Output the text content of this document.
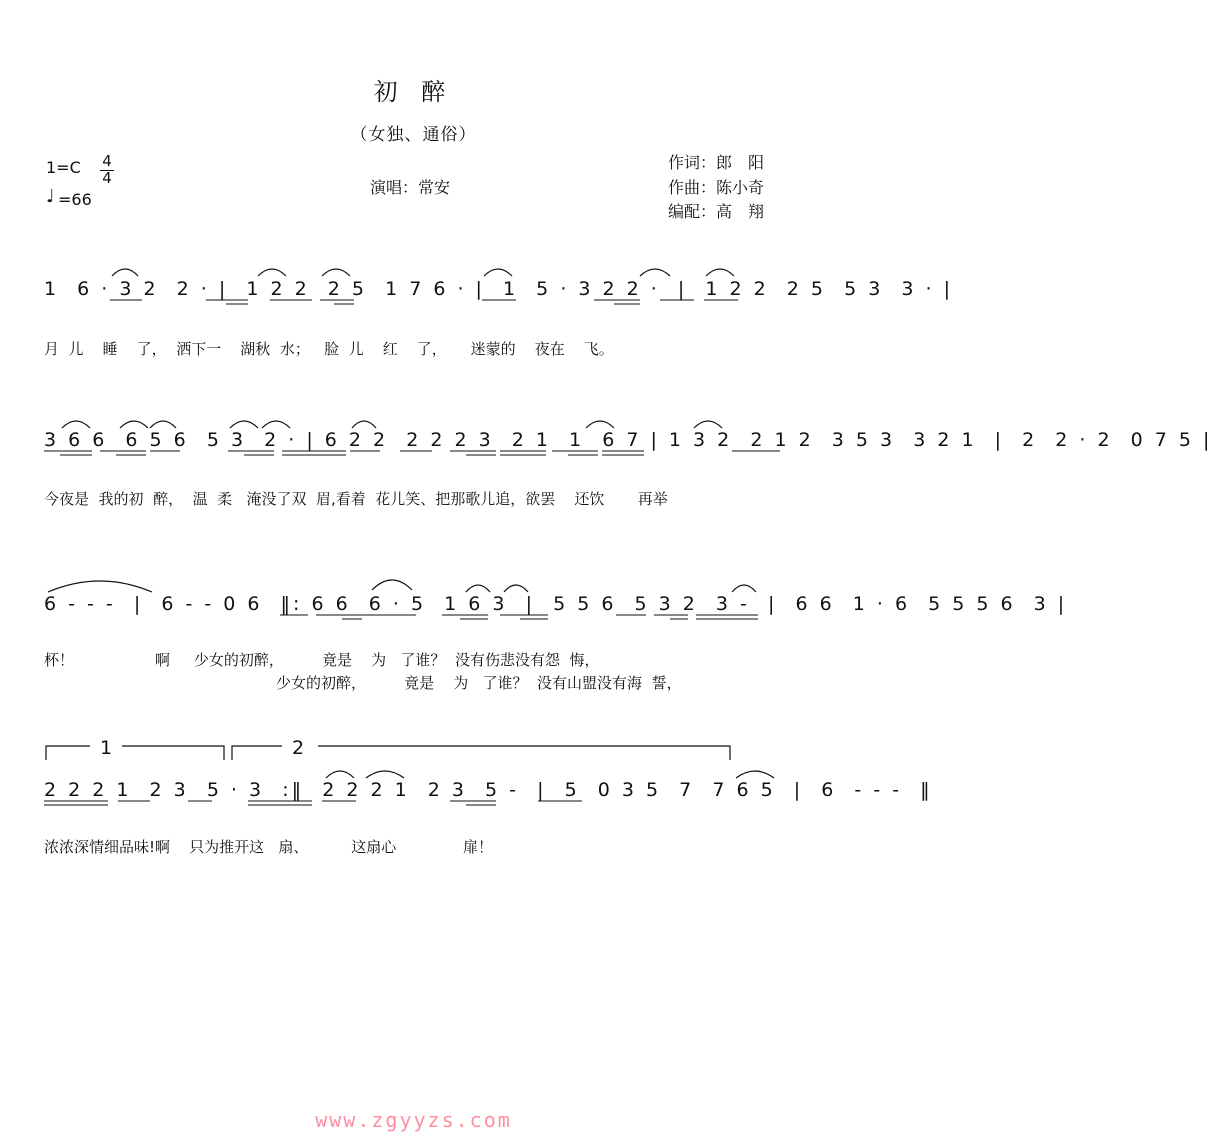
初 醉
（女独、通俗）
1=C 4
4
♩ =66
演唱：常安
作词：郎　阳
作曲：陈小奇
编配：高　翔
1  6 · 3 2  2 · |  1 2 2  2 5  1 7 6 · |  1  5 · 3 2 2 ·  |  1 2 2  2 5  5 3  3 · |
月  儿    睡    了，  洒下一    湖秋  水；   脸  儿    红    了，     迷蒙的    夜在    飞。
3 6 6  6 5 6  5 3  2 · | 6 2 2  2 2 2 3  2 1  1  6 7 | 1 3 2  2 1 2  3 5 3  3 2 1  |  2  2 · 2  0 7 5 |
今夜是  我的初  醉，  温  柔   淹没了双  眉,看着  花儿笑、把那歌儿追，欲罢    还饮       再举
6 - - -  |  6 - - 0 6  ‖: 6 6  6 · 5  1 6 3  |  5 5 6  5 3 2  3 -  |  6 6  1 · 6  5 5 5 6  3 |
杯！                 啊     少女的初醉，        竟是    为   了谁？  没有伤悲没有怨  悔，
少女的初醉，        竟是    为   了谁？  没有山盟没有海  誓，
1	2
2 2 2 1  2 3  5 · 3  :‖  2 2 2 1  2 3  5 -  |  5  0 3 5  7  7 6 5  |  6  - - -  ‖
浓浓深情细品味!啊    只为推开这   扇、         这扇心              扉！
www.zgyyzs.com
